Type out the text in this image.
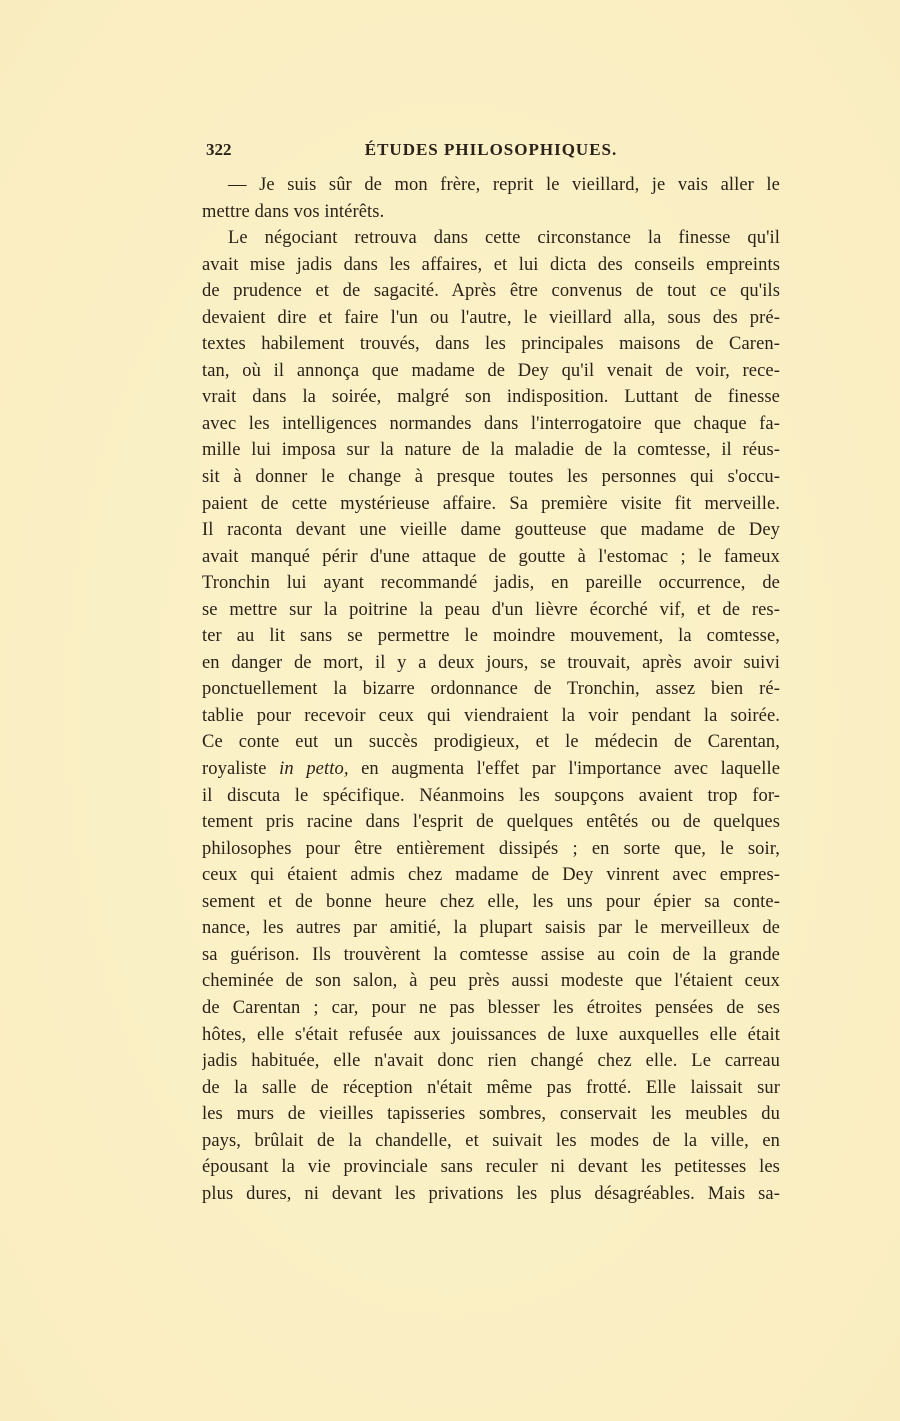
322	ÉTUDES PHILOSOPHIQUES.
— Je suis sûr de mon frère, reprit le vieillard, je vais aller le
mettre dans vos intérêts.
Le négociant retrouva dans cette circonstance la finesse qu'il
avait mise jadis dans les affaires, et lui dicta des conseils empreints
de prudence et de sagacité. Après être convenus de tout ce qu'ils
devaient dire et faire l'un ou l'autre, le vieillard alla, sous des pré-
textes habilement trouvés, dans les principales maisons de Caren-
tan, où il annonça que madame de Dey qu'il venait de voir, rece-
vrait dans la soirée, malgré son indisposition. Luttant de finesse
avec les intelligences normandes dans l'interrogatoire que chaque fa-
mille lui imposa sur la nature de la maladie de la comtesse, il réus-
sit à donner le change à presque toutes les personnes qui s'occu-
paient de cette mystérieuse affaire. Sa première visite fit merveille.
Il raconta devant une vieille dame goutteuse que madame de Dey
avait manqué périr d'une attaque de goutte à l'estomac ; le fameux
Tronchin lui ayant recommandé jadis, en pareille occurrence, de
se mettre sur la poitrine la peau d'un lièvre écorché vif, et de res-
ter au lit sans se permettre le moindre mouvement, la comtesse,
en danger de mort, il y a deux jours, se trouvait, après avoir suivi
ponctuellement la bizarre ordonnance de Tronchin, assez bien ré-
tablie pour recevoir ceux qui viendraient la voir pendant la soirée.
Ce conte eut un succès prodigieux, et le médecin de Carentan,
royaliste in petto, en augmenta l'effet par l'importance avec laquelle
il discuta le spécifique. Néanmoins les soupçons avaient trop for-
tement pris racine dans l'esprit de quelques entêtés ou de quelques
philosophes pour être entièrement dissipés ; en sorte que, le soir,
ceux qui étaient admis chez madame de Dey vinrent avec empres-
sement et de bonne heure chez elle, les uns pour épier sa conte-
nance, les autres par amitié, la plupart saisis par le merveilleux de
sa guérison. Ils trouvèrent la comtesse assise au coin de la grande
cheminée de son salon, à peu près aussi modeste que l'étaient ceux
de Carentan ; car, pour ne pas blesser les étroites pensées de ses
hôtes, elle s'était refusée aux jouissances de luxe auxquelles elle était
jadis habituée, elle n'avait donc rien changé chez elle. Le carreau
de la salle de réception n'était même pas frotté. Elle laissait sur
les murs de vieilles tapisseries sombres, conservait les meubles du
pays, brûlait de la chandelle, et suivait les modes de la ville, en
épousant la vie provinciale sans reculer ni devant les petitesses les
plus dures, ni devant les privations les plus désagréables. Mais sa-
